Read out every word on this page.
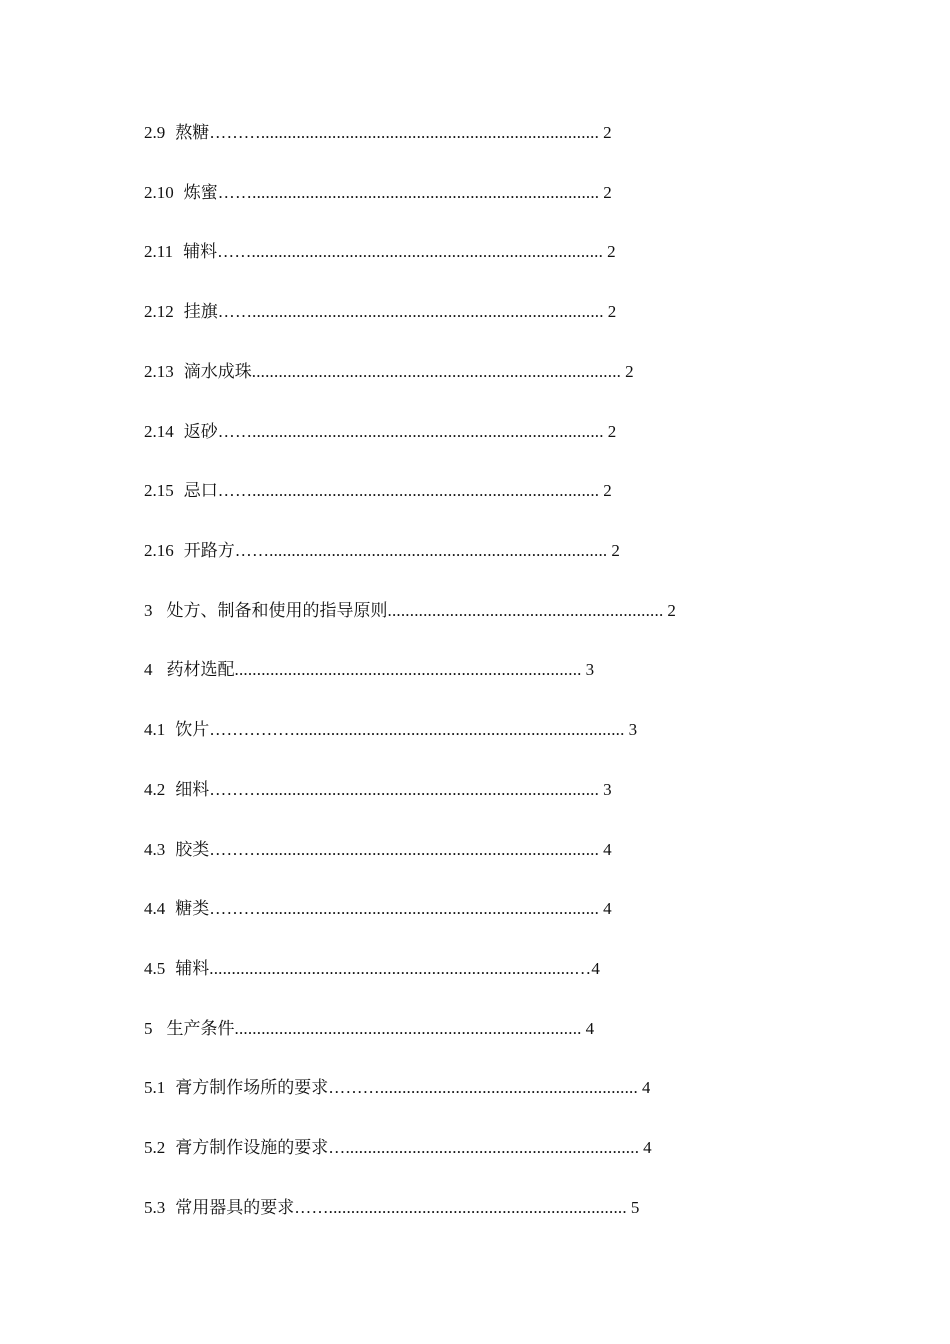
2.9 熬糖………............................................................................ 2
2.10 炼蜜…….............................................................................. 2
2.11 辅料……............................................................................... 2
2.12 挂旗……............................................................................... 2
2.13 滴水成珠................................................................................... 2
2.14 返砂……............................................................................... 2
2.15 忌口…….............................................................................. 2
2.16 开路方……............................................................................ 2
3 处方、制备和使用的指导原则.............................................................. 2
4 药材选配.............................................................................. 3
4.1 饮片…………….......................................................................... 3
4.2 细料………............................................................................ 3
4.3 胶类………............................................................................ 4
4.4 糖类………............................................................................ 4
4.5 辅料..................................................................................…4
5 生产条件.............................................................................. 4
5.1 膏方制作场所的要求……….......................................................... 4
5.2 膏方制作设施的要求….................................................................. 4
5.3 常用器具的要求……................................................................... 5
